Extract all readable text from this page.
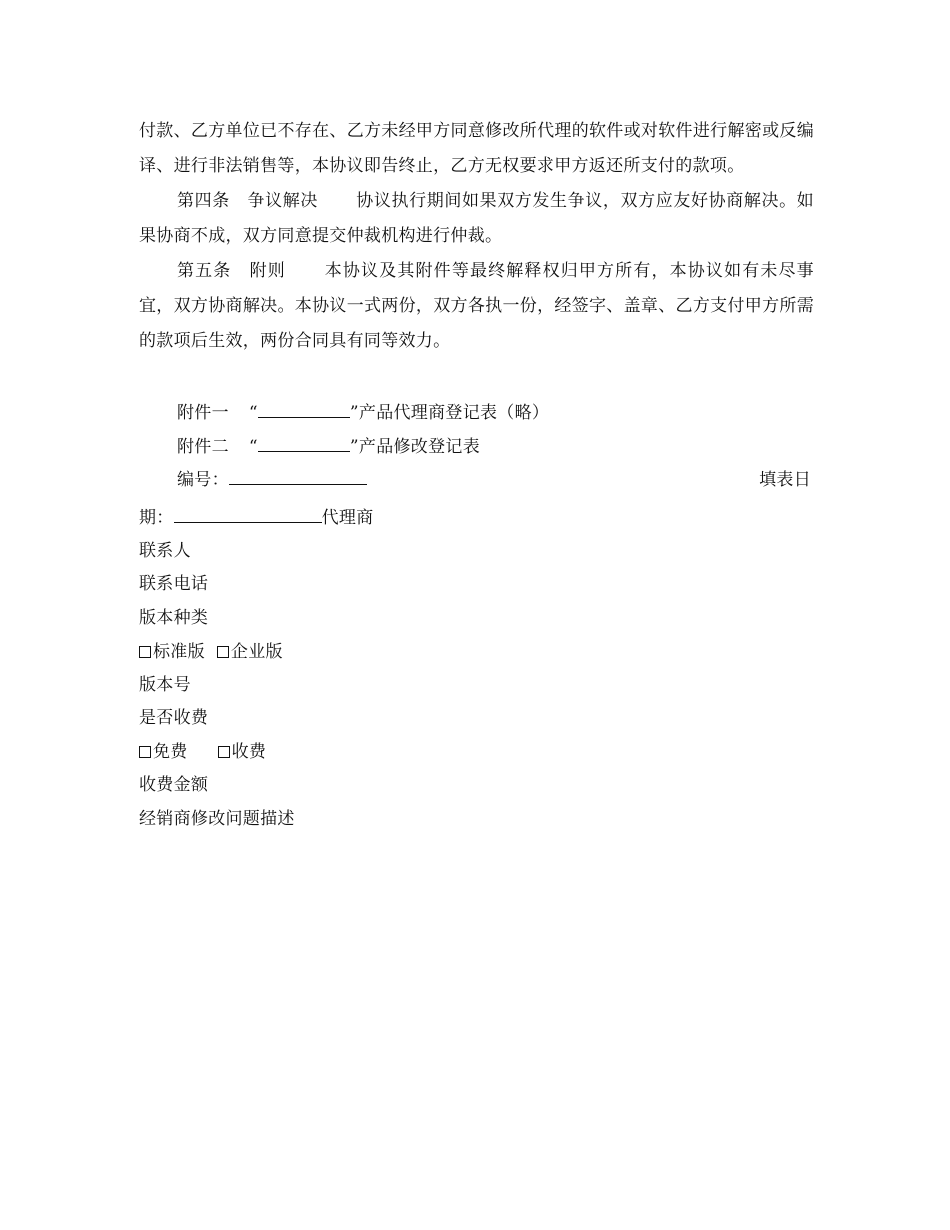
付款、乙方单位已不存在、乙方未经甲方同意修改所代理的软件或对软件进行解密或反编译、进行非法销售等，本协议即告终止，乙方无权要求甲方返还所支付的款项。

第四条　争议解决 协议执行期间如果双方发生争议，双方应友好协商解决。如果协商不成，双方同意提交仲裁机构进行仲裁。

第五条　附则 本协议及其附件等最终解释权归甲方所有，本协议如有未尽事宜，双方协商解决。本协议一式两份，双方各执一份，经签字、盖章、乙方支付甲方所需的款项后生效，两份合同具有同等效力。

附件一 “	”产品代理商登记表（略）
附件二 “	”产品修改登记表
编号：	填表日
期：	代理商
联系人
联系电话
版本种类
标准版 企业版
版本号
是否收费
免费	收费
收费金额
经销商修改问题描述
